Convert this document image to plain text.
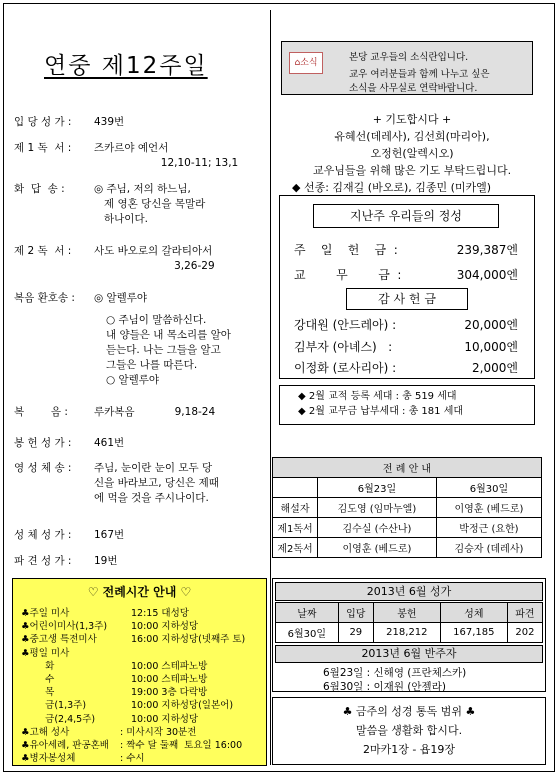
연중 제12주일
입 당 성 가 : 439번
제 1 독  서 : 즈카르야 예언서
12,10-11; 13,1
화  답  송 :	◎ 주님, 저의 하느님,
제 영혼 당신을 목말라
하나이다.
제 2 독  서 : 사도 바오로의 갈라티아서
3,26-29
복음 환호송 : ◎ 알렐루야
○ 주님이 말씀하신다.
내 양들은 내 목소리를 알아
듣는다. 나는 그들을 알고
그들은 나를 따른다.
○ 알렐루야
복        음 : 루카복음            9,18-24
봉 헌 성 가 : 461번
영 성 체 송 : 주님, 눈이란 눈이 모두 당
신을 바라보고, 당신은 제때
에 먹을 것을 주시나이다.
성 체 성 가 : 167번
파 견 성 가 : 19번
♡ 전례시간 안내 ♡
♣주일 미사	12:15 대성당
♣어린이미사(1,3주)	10:00 지하성당
♣중고생 특전미사	16:00 지하성당(넷째주 토)
♣평일 미사
화	10:00 스테파노방
수	10:00 스테파노방
목	19:00 3층 다락방
금(1,3주)	10:00 지하성당(일본어)
금(2,4,5주)	10:00 지하성당
♣고해 성사	: 미사시작 30분전
♣유아세례, 판공혼배 : 짝수 달 둘째  토요일 16:00
♣병자봉성체	: 수시
⌂소식	본당 교우들의 소식란입니다.
교우 여러분들과 함께 나누고 싶은
소식을 사무실로 연락바랍니다.
+ 기도합시다 +
유혜선(데레사), 김선희(마리아),
오정헌(알렉시오)
교우님들을 위해 많은 기도 부탁드립니다.
◆ 선종: 김재길 (바오로), 김종민 (미카엘)
지난주 우리들의 정성
주    일    헌    금  :	239,387엔
교        무        금  :	304,000엔
감 사 헌 금
강대원 (안드레아) :	20,000엔
김부자 (아녜스)   :	10,000엔
이정화 (로사리아) :	2,000엔
◆ 2월 교적 등록 세대 : 총 519 세대
◆ 2월 교무금 납부세대 : 총 181 세대
전 례 안 내		
	6월23일	6월30일
해설자	김도영 (임마누엘)	이영훈 (베드로)
제1독서	김수실 (수산나)	박정근 (요한)
제2독서	이영훈 (베드로)	김승자 (데레사)
2013년 6월 성가
날짜	입당	봉헌	성체	파견
6월30일	29	218,212	167,185	202
2013년 6월 반주자
6월23일 : 신해영 (프란체스카)
6월30일 : 이재원 (안젤라)
♣ 금주의 성경 통독 범위 ♣
말씀을 생활화 합시다.
2마카1장 - 욥19장
